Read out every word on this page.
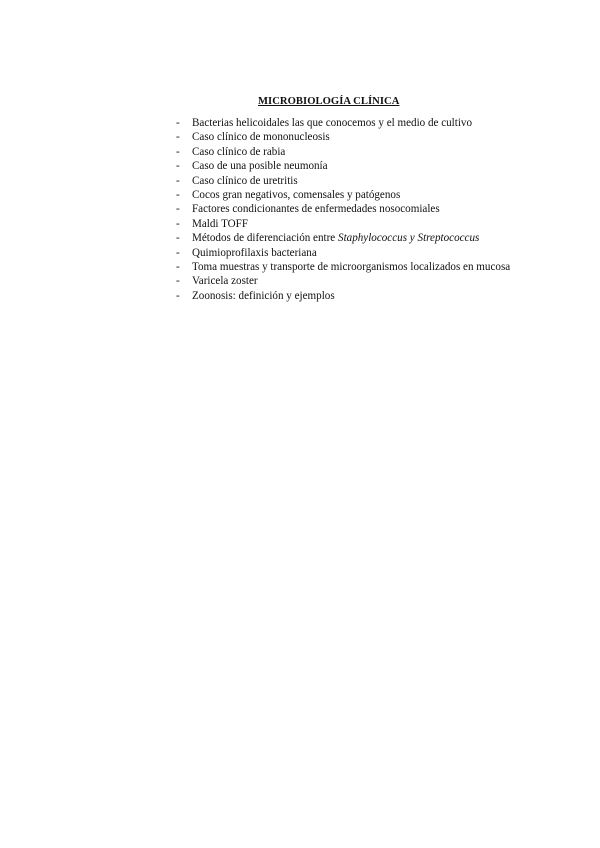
MICROBIOLOGÍA CLÍNICA
- Bacterias helicoidales las que conocemos y el medio de cultivo
- Caso clínico de mononucleosis
- Caso clínico de rabia
- Caso de una posible neumonía
- Caso clínico de uretritis
- Cocos gran negativos, comensales y patógenos
- Factores condicionantes de enfermedades nosocomiales
- Maldi TOFF
- Métodos de diferenciación entre Staphylococcus y Streptococcus
- Quimioprofilaxis bacteriana
- Toma muestras y transporte de microorganismos localizados en mucosa
- Varicela zoster
- Zoonosis: definición y ejemplos
